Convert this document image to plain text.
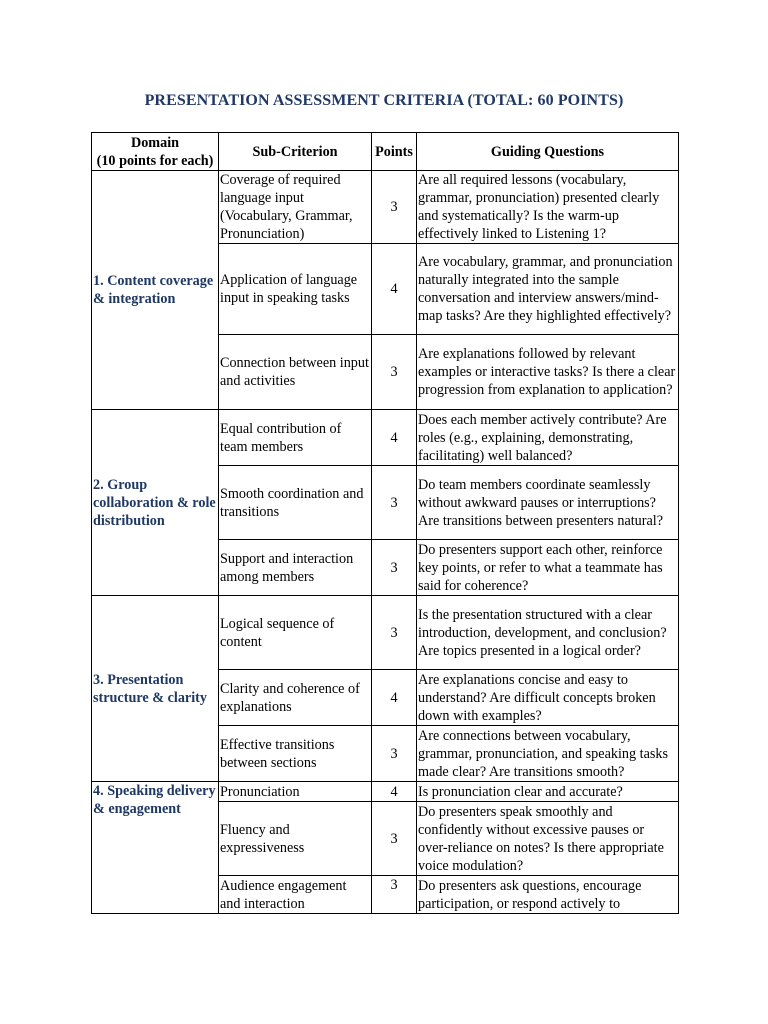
PRESENTATION ASSESSMENT CRITERIA (TOTAL: 60 POINTS)
Domain
(10 points for each)	Sub-Criterion	Points	Guiding Questions
1. Content coverage & integration	Coverage of required language input (Vocabulary, Grammar, Pronunciation)	3	Are all required lessons (vocabulary, grammar, pronunciation) presented clearly and systematically? Is the warm-up effectively linked to Listening 1?
	Application of language input in speaking tasks	4	Are vocabulary, grammar, and pronunciation naturally integrated into the sample conversation and interview answers/mind-map tasks? Are they highlighted effectively?
	Connection between input and activities	3	Are explanations followed by relevant examples or interactive tasks? Is there a clear progression from explanation to application?
2. Group collaboration & role distribution	Equal contribution of team members	4	Does each member actively contribute? Are roles (e.g., explaining, demonstrating, facilitating) well balanced?
	Smooth coordination and transitions	3	Do team members coordinate seamlessly without awkward pauses or interruptions? Are transitions between presenters natural?
	Support and interaction among members	3	Do presenters support each other, reinforce key points, or refer to what a teammate has said for coherence?
3. Presentation structure & clarity	Logical sequence of content	3	Is the presentation structured with a clear introduction, development, and conclusion? Are topics presented in a logical order?
	Clarity and coherence of explanations	4	Are explanations concise and easy to understand? Are difficult concepts broken down with examples?
	Effective transitions between sections	3	Are connections between vocabulary, grammar, pronunciation, and speaking tasks made clear? Are transitions smooth?
4. Speaking delivery & engagement	Pronunciation	4	Is pronunciation clear and accurate?
	Fluency and expressiveness	3	Do presenters speak smoothly and confidently without excessive pauses or over-reliance on notes? Is there appropriate voice modulation?
	Audience engagement and interaction	3	Do presenters ask questions, encourage participation, or respond actively to
